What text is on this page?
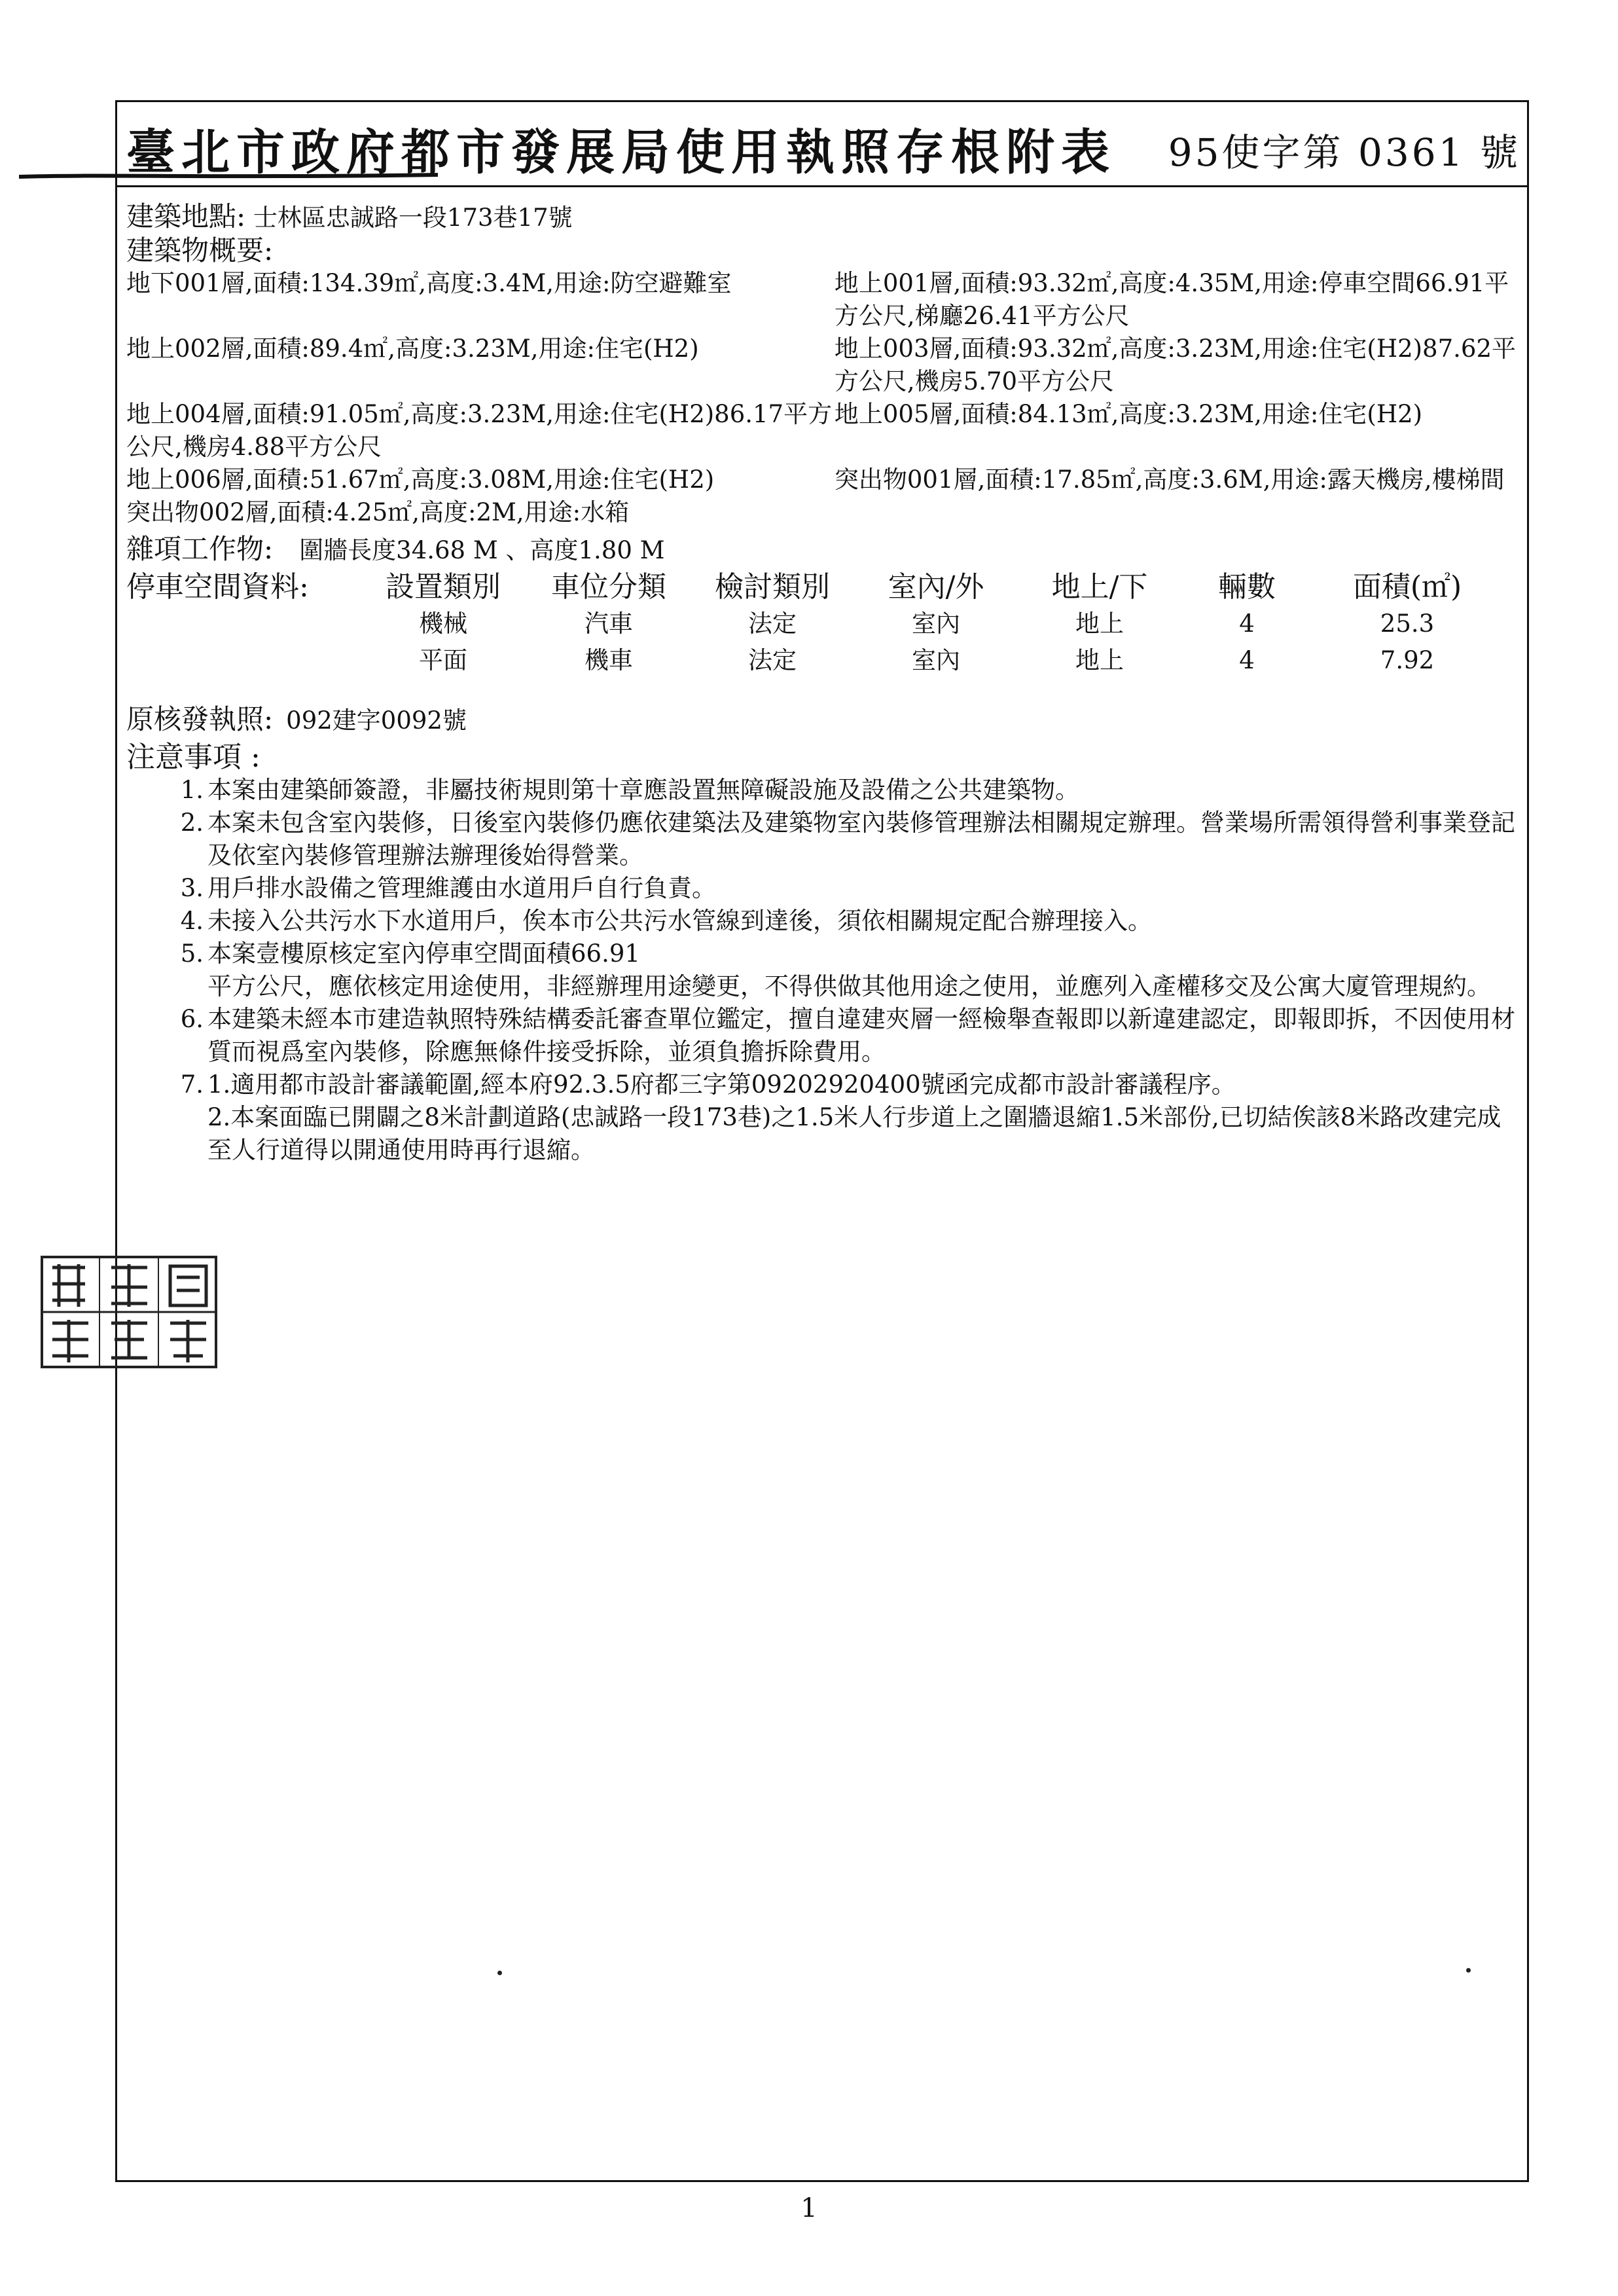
臺北市政府都市發展局使用執照存根附表 95使字第 0361 號
建築地點: 士林區忠誠路一段173巷17號
建築物概要:
地下001層,面積:134.39㎡,高度:3.4M,用途:防空避難室	地上001層,面積:93.32㎡,高度:4.35M,用途:停車空間66.91平方公尺,梯廳26.41平方公尺
地上002層,面積:89.4㎡,高度:3.23M,用途:住宅(H2)	地上003層,面積:93.32㎡,高度:3.23M,用途:住宅(H2)87.62平方公尺,機房5.70平方公尺
地上004層,面積:91.05㎡,高度:3.23M,用途:住宅(H2)86.17平方公尺,機房4.88平方公尺
地上005層,面積:84.13㎡,高度:3.23M,用途:住宅(H2)
地上006層,面積:51.67㎡,高度:3.08M,用途:住宅(H2)	突出物001層,面積:17.85㎡,高度:3.6M,用途:露天機房,樓梯間
突出物002層,面積:4.25㎡,高度:2M,用途:水箱
雜項工作物: 圍牆長度34.68 M 、高度1.80 M
停車空間資料:	設置類別	車位分類	檢討類別	室內/外	地上/下	輛數	面積(㎡)
機械	汽車	法定	室內	地上	4	25.3
平面	機車	法定	室內	地上	4	7.92
原核發執照: 092建字0092號
注意事項 :
1. 本案由建築師簽證，非屬技術規則第十章應設置無障礙設施及設備之公共建築物。
2. 本案未包含室內裝修，日後室內裝修仍應依建築法及建築物室內裝修管理辦法相關規定辦理。營業場所需領得營利事業登記及依室內裝修管理辦法辦理後始得營業。
3. 用戶排水設備之管理維護由水道用戶自行負責。
4. 未接入公共污水下水道用戶，俟本市公共污水管線到達後，須依相關規定配合辦理接入。
5. 本案壹樓原核定室內停車空間面積66.91
平方公尺，應依核定用途使用，非經辦理用途變更，不得供做其他用途之使用，並應列入產權移交及公寓大廈管理規約。
6. 本建築未經本市建造執照特殊結構委託審查單位鑑定，擅自違建夾層一經檢舉查報即以新違建認定，即報即拆，不因使用材質而視爲室內裝修，除應無條件接受拆除，並須負擔拆除費用。
7. 1.適用都市設計審議範圍,經本府92.3.5府都三字第09202920400號函完成都市設計審議程序。
2.本案面臨已開闢之8米計劃道路(忠誠路一段173巷)之1.5米人行步道上之圍牆退縮1.5米部份,已切結俟該8米路改建完成至人行道得以開通使用時再行退縮。
1
